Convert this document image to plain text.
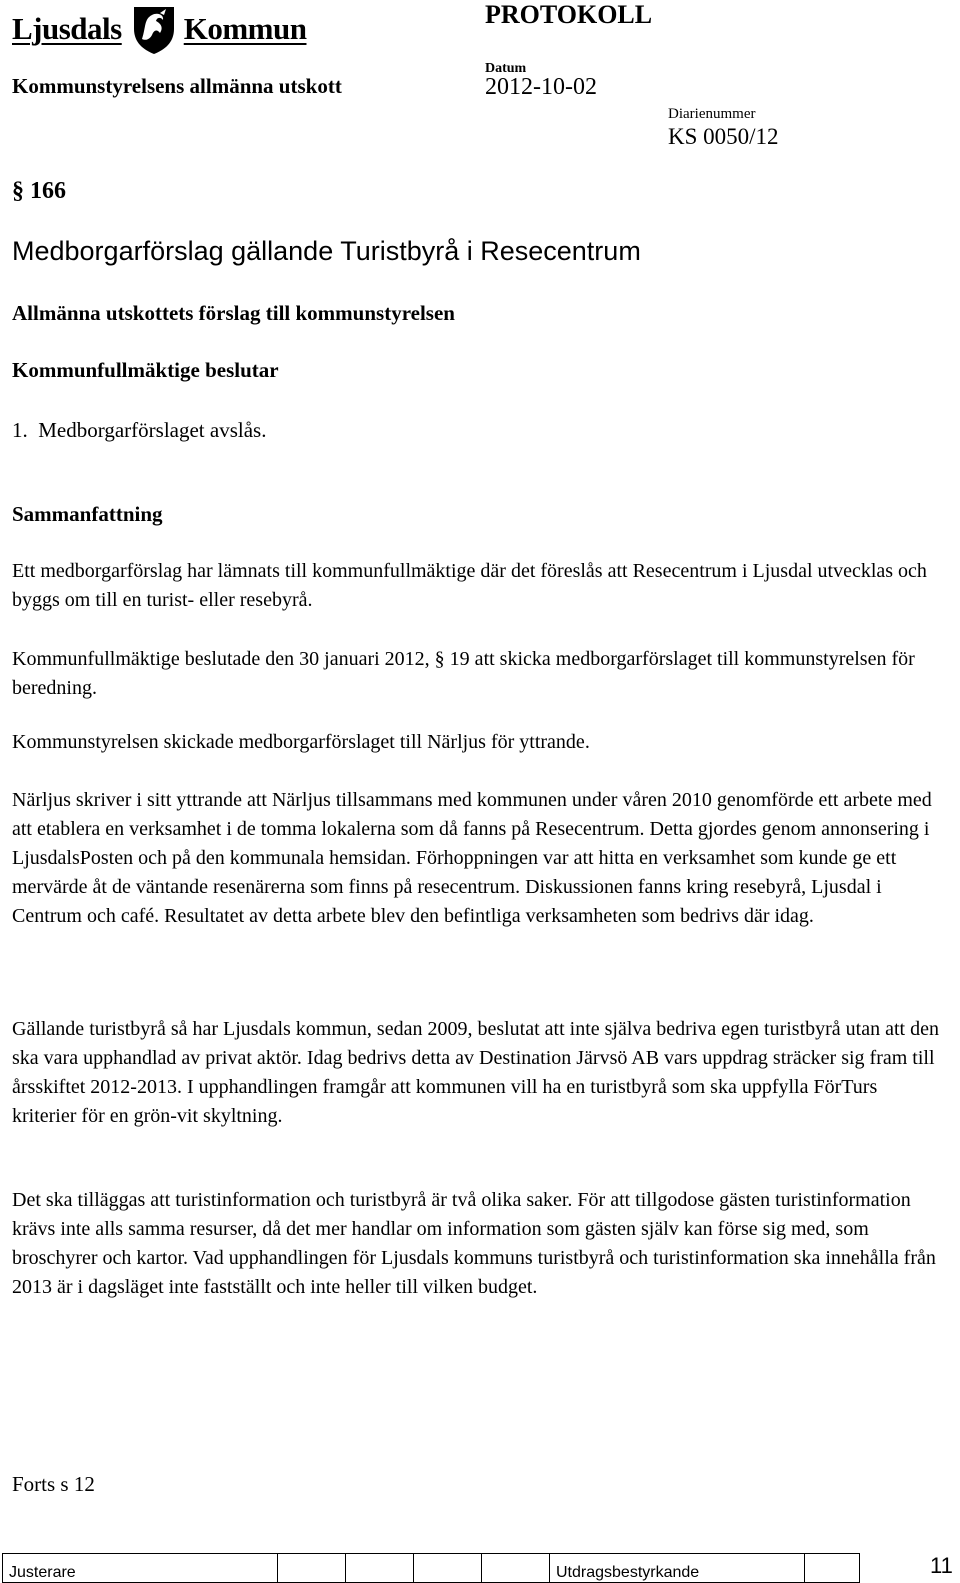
Ljusdals Kommun	PROTOKOLL
Kommunstyrelsens allmänna utskott
Datum
2012-10-02
Diarienummer
KS 0050/12
§ 166
Medborgarförslag gällande Turistbyrå i Resecentrum
Allmänna utskottets förslag till kommunstyrelsen
Kommunfullmäktige beslutar
1.  Medborgarförslaget avslås.
Sammanfattning
Ett medborgarförslag har lämnats till kommunfullmäktige där det föreslås att Resecentrum i Ljusdal utvecklas och byggs om till en turist- eller resebyrå.
Kommunfullmäktige beslutade den 30 januari 2012, § 19 att skicka medborgarförslaget till kommunstyrelsen för beredning.
Kommunstyrelsen skickade medborgarförslaget till Närljus för yttrande.
Närljus skriver i sitt yttrande att Närljus tillsammans med kommunen under våren 2010 genomförde ett arbete med att etablera en verksamhet i de tomma lokalerna som då fanns på Resecentrum. Detta gjordes genom annonsering i LjusdalsPosten och på den kommunala hemsidan. Förhoppningen var att hitta en verksamhet som kunde ge ett mervärde åt de väntande resenärerna som finns på resecentrum. Diskussionen fanns kring resebyrå, Ljusdal i Centrum och café. Resultatet av detta arbete blev den befintliga verksamheten som bedrivs där idag.
Gällande turistbyrå så har Ljusdals kommun, sedan 2009, beslutat att inte själva bedriva egen turistbyrå utan att den ska vara upphandlad av privat aktör. Idag bedrivs detta av Destination Järvsö AB vars uppdrag sträcker sig fram till årsskiftet 2012-2013. I upphandlingen framgår att kommunen vill ha en turistbyrå som ska uppfylla FörTurs kriterier för en grön-vit skyltning.
Det ska tilläggas att turistinformation och turistbyrå är två olika saker. För att tillgodose gästen turistinformation krävs inte alls samma resurser, då det mer handlar om information som gästen själv kan förse sig med, som broschyrer och kartor. Vad upphandlingen för Ljusdals kommuns turistbyrå och turistinformation ska innehålla från 2013 är i dagsläget inte fastställt och inte heller till vilken budget.
Forts s 12
Justerare					Utdragsbestyrkande		11
